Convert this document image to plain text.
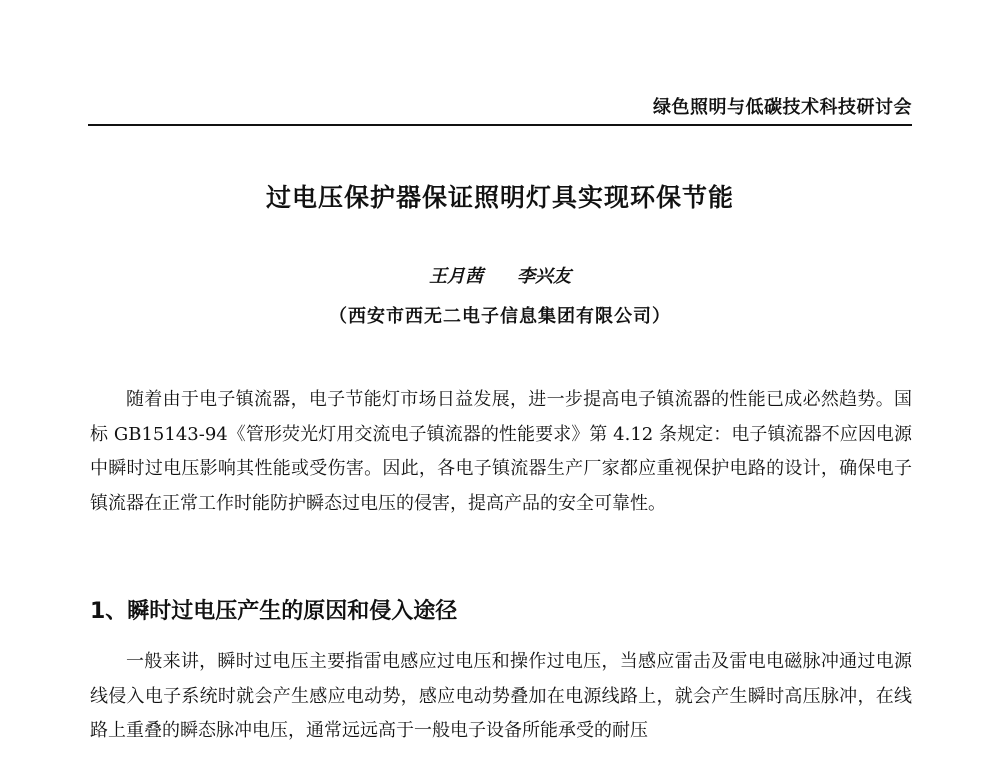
绿色照明与低碳技术科技研讨会
过电压保护器保证照明灯具实现环保节能
王月茜 李兴友
（西安市西无二电子信息集团有限公司）

随着由于电子镇流器，电子节能灯市场日益发展，进一步提高电子镇流器的性能已成必然趋势。国标 GB15143-94《管形荧光灯用交流电子镇流器的性能要求》第 4.12 条规定：电子镇流器不应因电源中瞬时过电压影响其性能或受伤害。因此，各电子镇流器生产厂家都应重视保护电路的设计，确保电子镇流器在正常工作时能防护瞬态过电压的侵害，提高产品的安全可靠性。

1、瞬时过电压产生的原因和侵入途径

一般来讲，瞬时过电压主要指雷电感应过电压和操作过电压，当感应雷击及雷电电磁脉冲通过电源线侵入电子系统时就会产生感应电动势，感应电动势叠加在电源线路上，就会产生瞬时高压脉冲，在线路上重叠的瞬态脉冲电压，通常远远高于一般电子设备所能承受的耐压
